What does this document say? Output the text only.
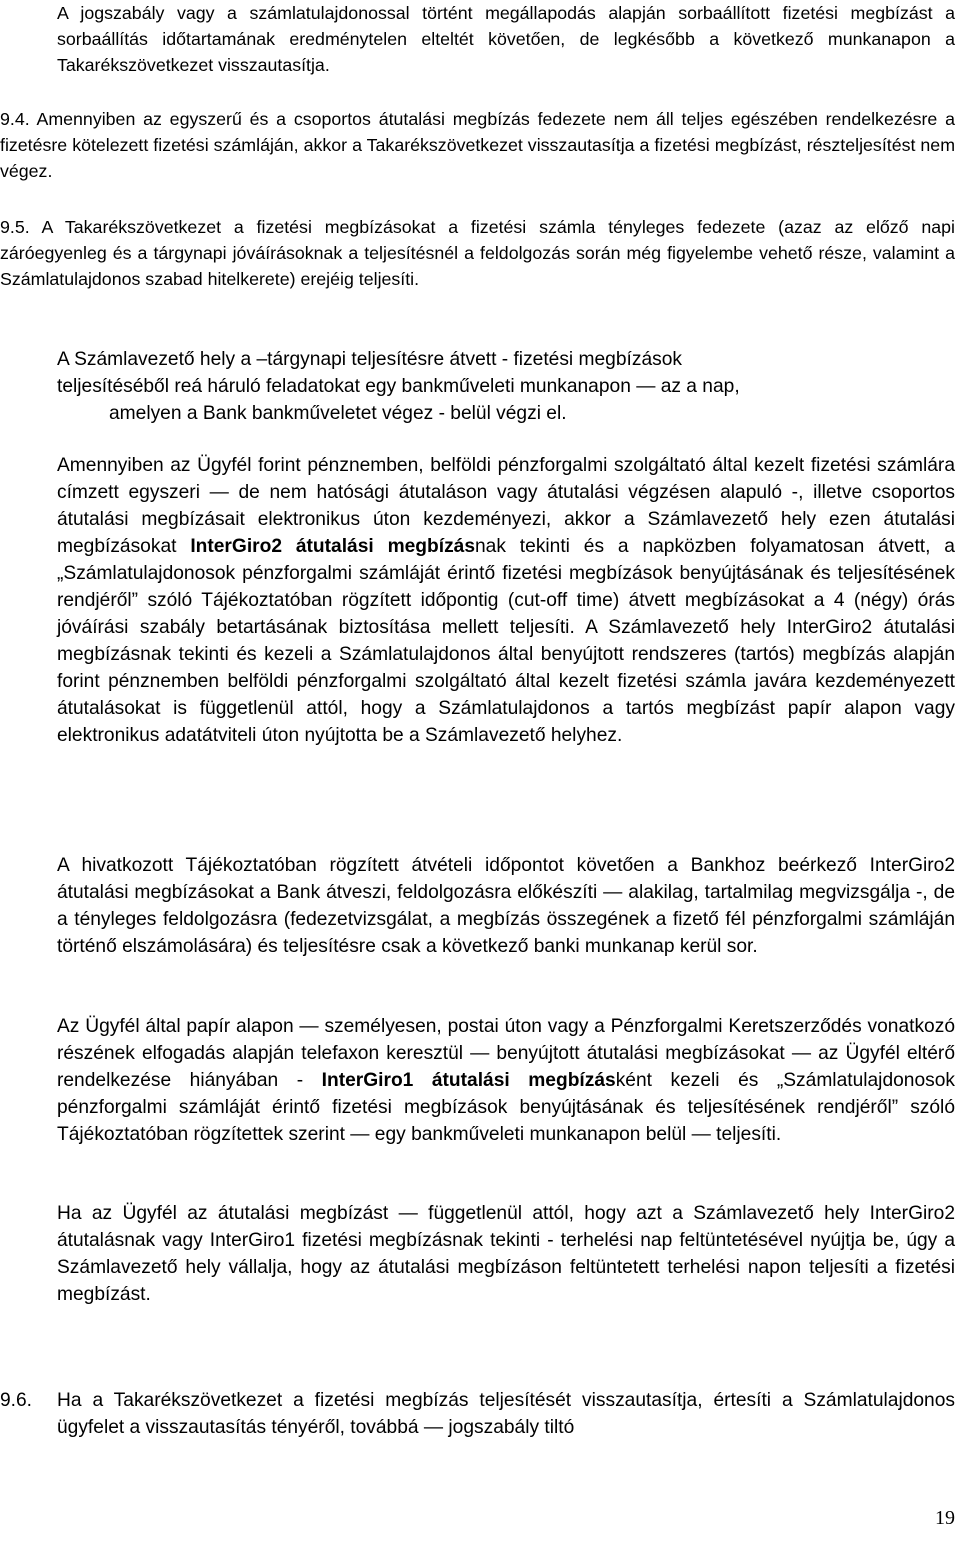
A jogszabály vagy a számlatulajdonossal történt megállapodás alapján sorbaállított fizetési megbízást a sorbaállítás időtartamának eredménytelen elteltét követően, de legkésőbb a következő munkanapon a Takarékszövetkezet visszautasítja.
9.4. Amennyiben az egyszerű és a csoportos átutalási megbízás fedezete nem áll teljes egészében rendelkezésre a fizetésre kötelezett fizetési számláján, akkor a Takarékszövetkezet visszautasítja a fizetési megbízást, részteljesítést nem végez.
9.5. A Takarékszövetkezet a fizetési megbízásokat a fizetési számla tényleges fedezete (azaz az előző napi záróegyenleg és a tárgynapi jóváírásoknak a teljesítésnél a feldolgozás során még figyelembe vehető része, valamint a Számlatulajdonos szabad hitelkerete) erejéig teljesíti.
A Számlavezető hely a –tárgynapi teljesítésre átvett - fizetési megbízások
teljesítéséből reá háruló feladatokat egy bankműveleti munkanapon ― az a nap,
amelyen a Bank bankműveletet végez - belül végzi el.
Amennyiben az Ügyfél forint pénznemben, belföldi pénzforgalmi szolgáltató által kezelt fizetési számlára címzett egyszeri ― de nem hatósági átutaláson vagy átutalási végzésen alapuló -, illetve csoportos átutalási megbízásait elektronikus úton kezdeményezi, akkor a Számlavezető hely ezen átutalási megbízásokat InterGiro2 átutalási megbízásnak tekinti és a napközben folyamatosan átvett, a „Számlatulajdonosok pénzforgalmi számláját érintő fizetési megbízások benyújtásának és teljesítésének rendjéről” szóló Tájékoztatóban rögzített időpontig (cut-off time) átvett megbízásokat a 4 (négy) órás jóváírási szabály betartásának biztosítása mellett teljesíti. A Számlavezető hely InterGiro2 átutalási megbízásnak tekinti és kezeli a Számlatulajdonos által benyújtott rendszeres (tartós) megbízás alapján forint pénznemben belföldi pénzforgalmi szolgáltató által kezelt fizetési számla javára kezdeményezett átutalásokat is függetlenül attól, hogy a Számlatulajdonos a tartós megbízást papír alapon vagy elektronikus adatátviteli úton nyújtotta be a Számlavezető helyhez.
A hivatkozott Tájékoztatóban rögzített átvételi időpontot követően a Bankhoz beérkező InterGiro2 átutalási megbízásokat a Bank átveszi, feldolgozásra előkészíti ― alakilag, tartalmilag megvizsgálja -, de a tényleges feldolgozásra (fedezetvizsgálat, a megbízás összegének a fizető fél pénzforgalmi számláján történő elszámolására) és teljesítésre csak a következő banki munkanap kerül sor.
Az Ügyfél által papír alapon ― személyesen, postai úton vagy a Pénzforgalmi Keretszerződés vonatkozó részének elfogadás alapján telefaxon keresztül ― benyújtott átutalási megbízásokat ― az Ügyfél eltérő rendelkezése hiányában - InterGiro1 átutalási megbízásként kezeli és „Számlatulajdonosok pénzforgalmi számláját érintő fizetési megbízások benyújtásának és teljesítésének rendjéről” szóló Tájékoztatóban rögzítettek szerint ― egy bankműveleti munkanapon belül ― teljesíti.
Ha az Ügyfél az átutalási megbízást ― függetlenül attól, hogy azt a Számlavezető hely InterGiro2 átutalásnak vagy InterGiro1 fizetési megbízásnak tekinti - terhelési nap feltüntetésével nyújtja be, úgy a Számlavezető hely vállalja, hogy az átutalási megbízáson feltüntetett terhelési napon teljesíti a fizetési megbízást.
9.6. Ha a Takarékszövetkezet a fizetési megbízás teljesítését visszautasítja, értesíti a Számlatulajdonos ügyfelet a visszautasítás tényéről, továbbá ― jogszabály tiltó
19
